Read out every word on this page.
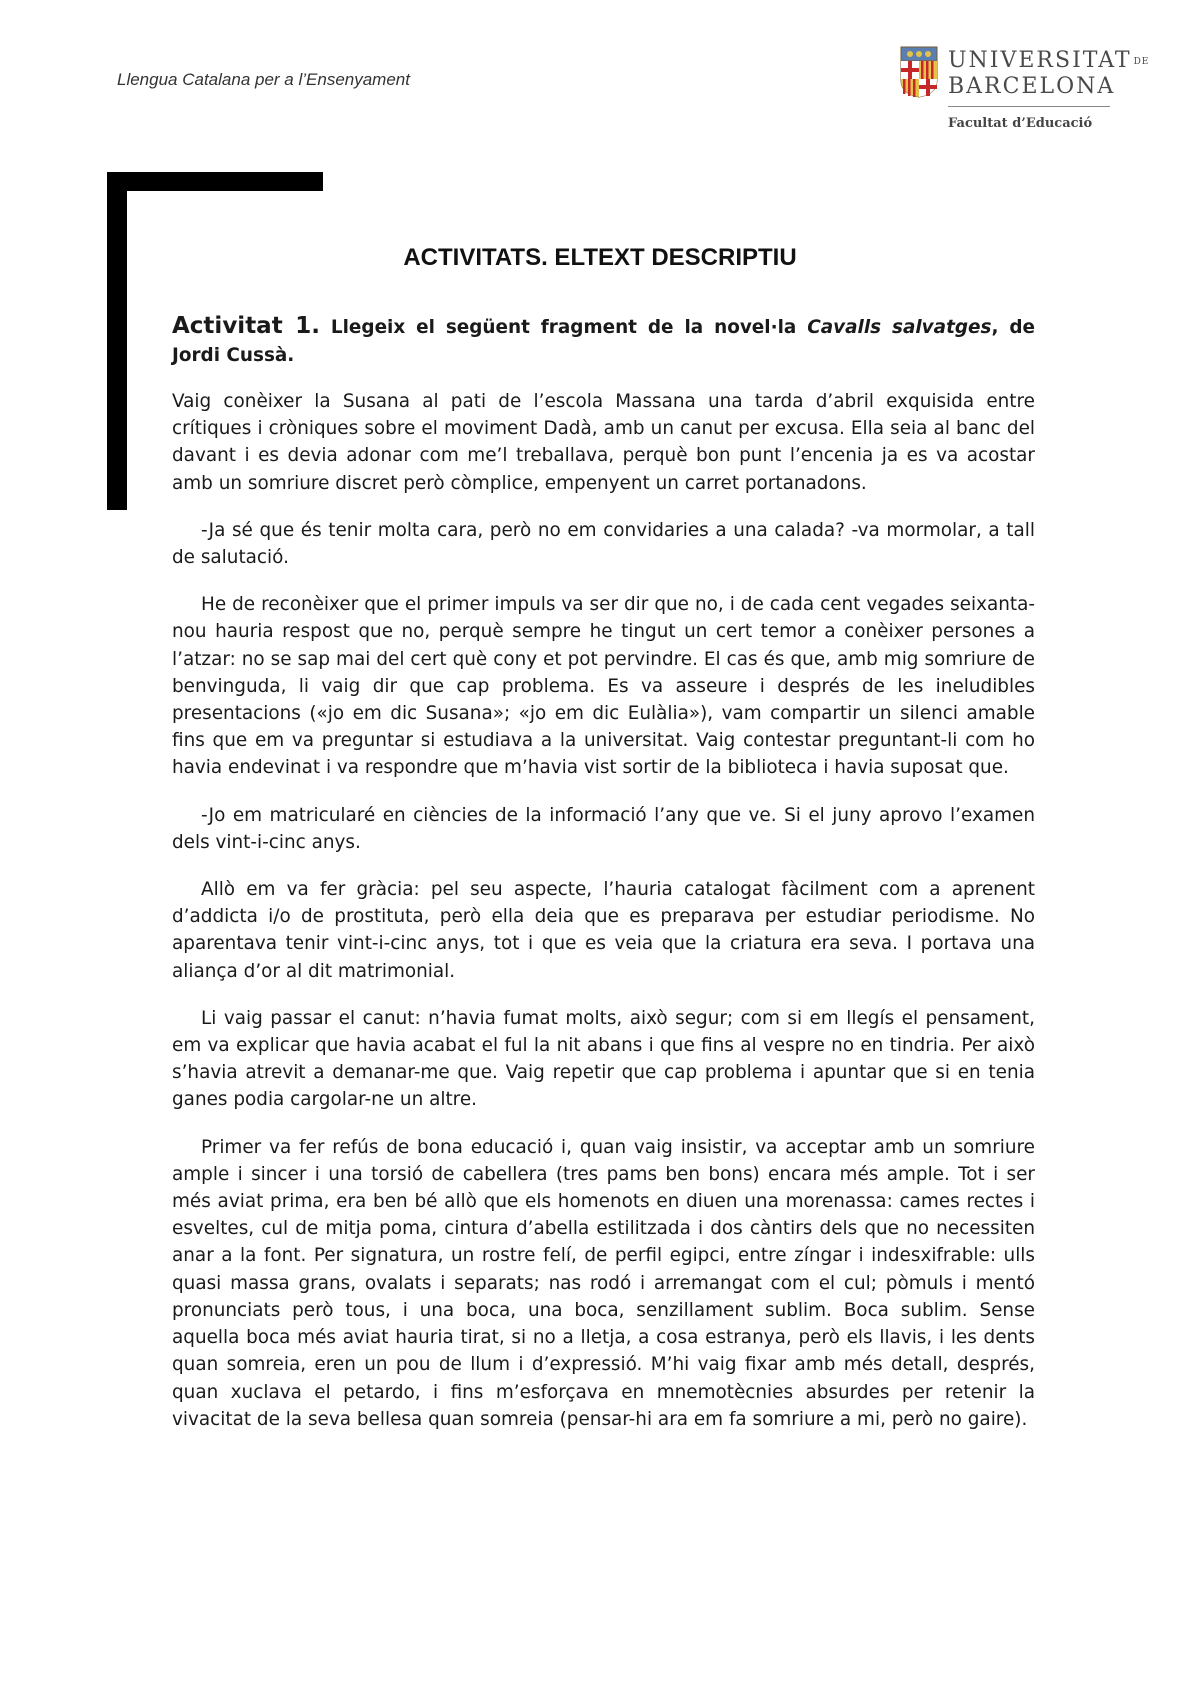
Llengua Catalana per a l’Ensenyament
UNIVERSITAT DE
BARCELONA
Facultat d’Educació
ACTIVITATS. ELTEXT DESCRIPTIU
Activitat 1. Llegeix el següent fragment de la novel·la Cavalls salvatges, de Jordi Cussà.

Vaig conèixer la Susana al pati de l’escola Massana una tarda d’abril exquisida entre crítiques i cròniques sobre el moviment Dadà, amb un canut per excusa. Ella seia al banc del davant i es devia adonar com me’l treballava, perquè bon punt l’encenia ja es va acostar amb un somriure discret però còmplice, empenyent un carret portanadons.

-Ja sé que és tenir molta cara, però no em convidaries a una calada? -va mormolar, a tall de salutació.

He de reconèixer que el primer impuls va ser dir que no, i de cada cent vegades seixanta-nou hauria respost que no, perquè sempre he tingut un cert temor a conèixer persones a l’atzar: no se sap mai del cert què cony et pot pervindre. El cas és que, amb mig somriure de benvinguda, li vaig dir que cap problema. Es va asseure i després de les ineludibles presentacions («jo em dic Susana»; «jo em dic Eulàlia»), vam compartir un silenci amable fins que em va preguntar si estudiava a la universitat. Vaig contestar preguntant-li com ho havia endevinat i va respondre que m’havia vist sortir de la biblioteca i havia suposat que.

-Jo em matricularé en ciències de la informació l’any que ve. Si el juny aprovo l’examen dels vint-i-cinc anys.

Allò em va fer gràcia: pel seu aspecte, l’hauria catalogat fàcilment com a aprenent d’addicta i/o de prostituta, però ella deia que es preparava per estudiar periodisme. No aparentava tenir vint-i-cinc anys, tot i que es veia que la criatura era seva. I portava una aliança d’or al dit matrimonial.

Li vaig passar el canut: n’havia fumat molts, això segur; com si em llegís el pensament, em va explicar que havia acabat el ful la nit abans i que fins al vespre no en tindria. Per això s’havia atrevit a demanar-me que. Vaig repetir que cap problema i apuntar que si en tenia ganes podia cargolar-ne un altre.

Primer va fer refús de bona educació i, quan vaig insistir, va acceptar amb un somriure ample i sincer i una torsió de cabellera (tres pams ben bons) encara més ample. Tot i ser més aviat prima, era ben bé allò que els homenots en diuen una morenassa: cames rectes i esveltes, cul de mitja poma, cintura d’abella estilitzada i dos càntirs dels que no necessiten anar a la font. Per signatura, un rostre felí, de perfil egipci, entre zíngar i indesxifrable: ulls quasi massa grans, ovalats i separats; nas rodó i arremangat com el cul; pòmuls i mentó pronunciats però tous, i una boca, una boca, senzillament sublim. Boca sublim. Sense aquella boca més aviat hauria tirat, si no a lletja, a cosa estranya, però els llavis, i les dents quan somreia, eren un pou de llum i d’expressió. M’hi vaig fixar amb més detall, després, quan xuclava el petardo, i fins m’esforçava en mnemotècnies absurdes per retenir la vivacitat de la seva bellesa quan somreia (pensar-hi ara em fa somriure a mi, però no gaire).
